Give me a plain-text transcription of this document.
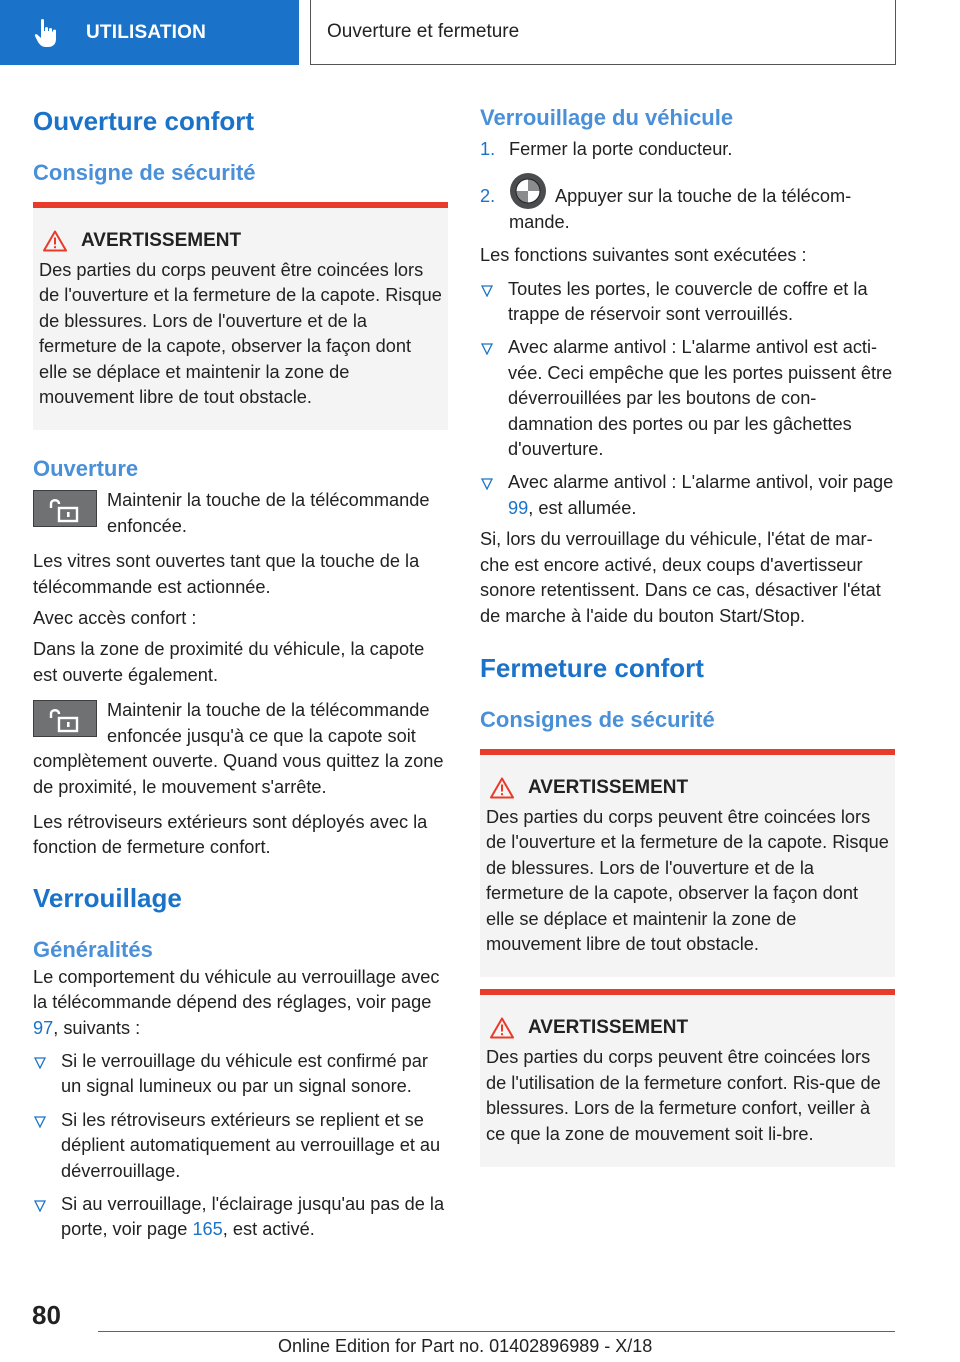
UTILISATION	Ouverture et fermeture
Ouverture confort
Consigne de sécurité
AVERTISSEMENT
Des parties du corps peuvent être coincées lors de l'ouverture et la fermeture de la capote. Risque de blessures. Lors de l'ouverture et de la fermeture de la capote, observer la façon dont elle se déplace et maintenir la zone de mouvement libre de tout obstacle.
Ouverture
Maintenir la touche de la télécommande enfoncée.
Les vitres sont ouvertes tant que la touche de la télécommande est actionnée.
Avec accès confort :
Dans la zone de proximité du véhicule, la capote est ouverte également.
Maintenir la touche de la télécommande enfoncée jusqu'à ce que la capote soit
complètement ouverte. Quand vous quittez la zone de proximité, le mouvement s'arrête.
Les rétroviseurs extérieurs sont déployés avec la fonction de fermeture confort.
Verrouillage
Généralités
Le comportement du véhicule au verrouillage avec la télécommande dépend des réglages, voir page 97, suivants :
Si le verrouillage du véhicule est confirmé par un signal lumineux ou par un signal sonore.
Si les rétroviseurs extérieurs se replient et se déplient automatiquement au verrouillage et au déverrouillage.
Si au verrouillage, l'éclairage jusqu'au pas de la porte, voir page 165, est activé.
Verrouillage du véhicule
1. Fermer la porte conducteur.
2.	Appuyer sur la touche de la télécom‐mande.
Les fonctions suivantes sont exécutées :
Toutes les portes, le couvercle de coffre et la trappe de réservoir sont verrouillés.
Avec alarme antivol : L'alarme antivol est acti‐vée. Ceci empêche que les portes puissent être déverrouillées par les boutons de con‐damnation des portes ou par les gâchettes d'ouverture.
Avec alarme antivol : L'alarme antivol, voir page 99, est allumée.
Si, lors du verrouillage du véhicule, l'état de mar‐che est encore activé, deux coups d'avertisseur sonore retentissent. Dans ce cas, désactiver l'état de marche à l'aide du bouton Start/Stop.
Fermeture confort
Consignes de sécurité
AVERTISSEMENT
Des parties du corps peuvent être coincées lors de l'ouverture et la fermeture de la capote. Risque de blessures. Lors de l'ouverture et de la fermeture de la capote, observer la façon dont elle se déplace et maintenir la zone de mouvement libre de tout obstacle.
AVERTISSEMENT
Des parties du corps peuvent être coincées lors de l'utilisation de la fermeture confort. Ris‐que de blessures. Lors de la fermeture confort, veiller à ce que la zone de mouvement soit li‐bre.
80
Online Edition for Part no. 01402896989 - X/18
